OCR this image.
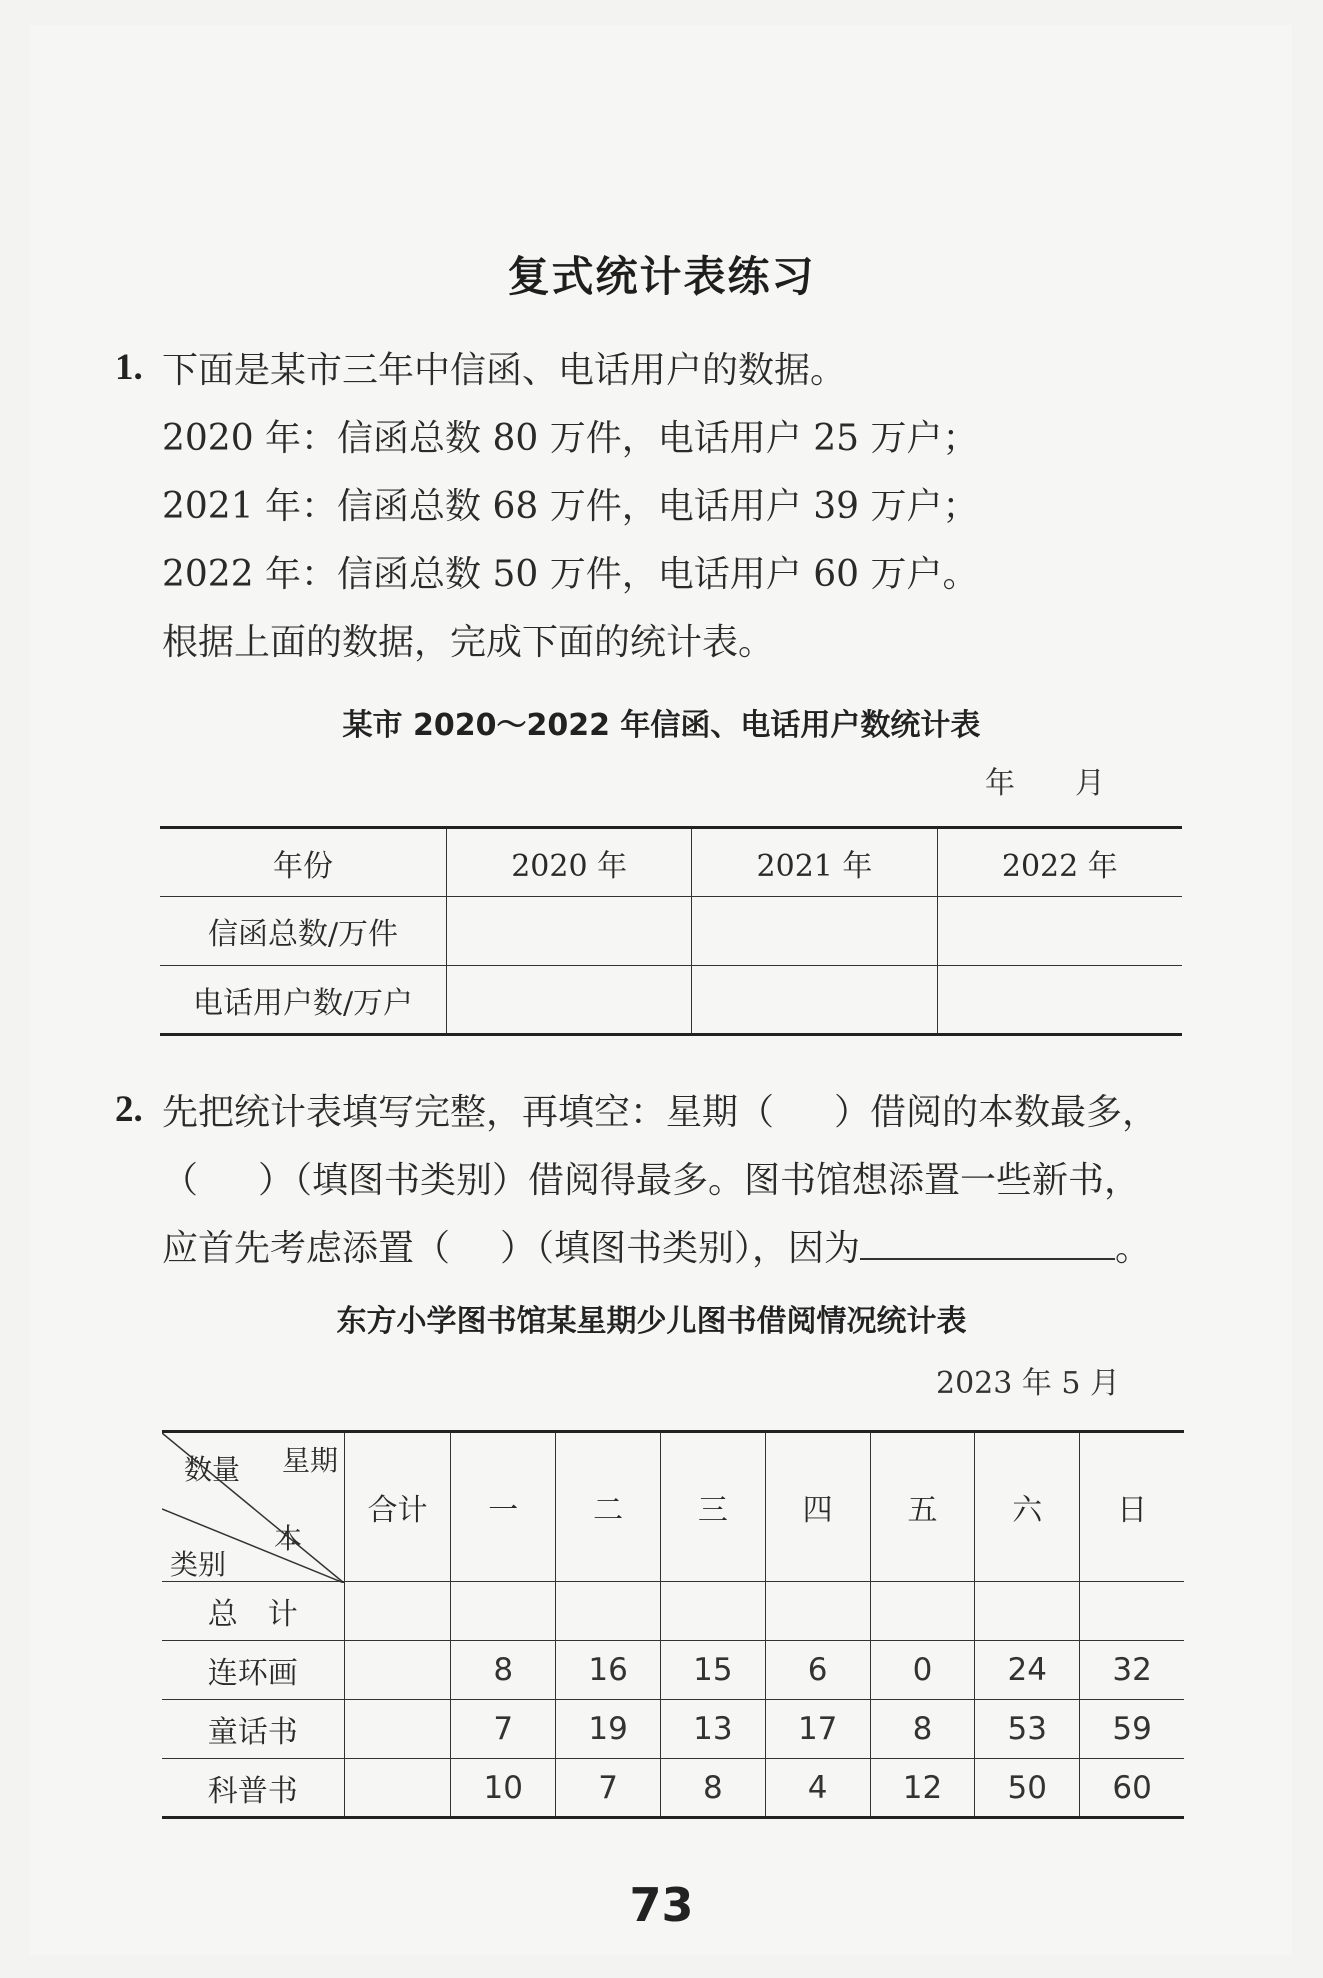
复式统计表练习
1. 下面是某市三年中信函、电话用户的数据。
2020 年：信函总数 80 万件，电话用户 25 万户；
2021 年：信函总数 68 万件，电话用户 39 万户；
2022 年：信函总数 50 万件，电话用户 60 万户。
根据上面的数据，完成下面的统计表。
某市 2020～2022 年信函、电话用户数统计表
年　　月
年份	2020 年	2021 年	2022 年
信函总数/万件			
电话用户数/万户			
2. 先把统计表填写完整，再填空：星期（ ）借阅的本数最多，
（ ）（填图书类别）借阅得最多。图书馆想添置一些新书，
应首先考虑添置（ ）（填图书类别），因为	。
东方小学图书馆某星期少儿图书借阅情况统计表
2023 年 5 月
星期
数量
本
类别	合计	一	二	三	四	五	六	日
总　计								
连环画		8	16	15	6	0	24	32
童话书		7	19	13	17	8	53	59
科普书		10	7	8	4	12	50	60
73
